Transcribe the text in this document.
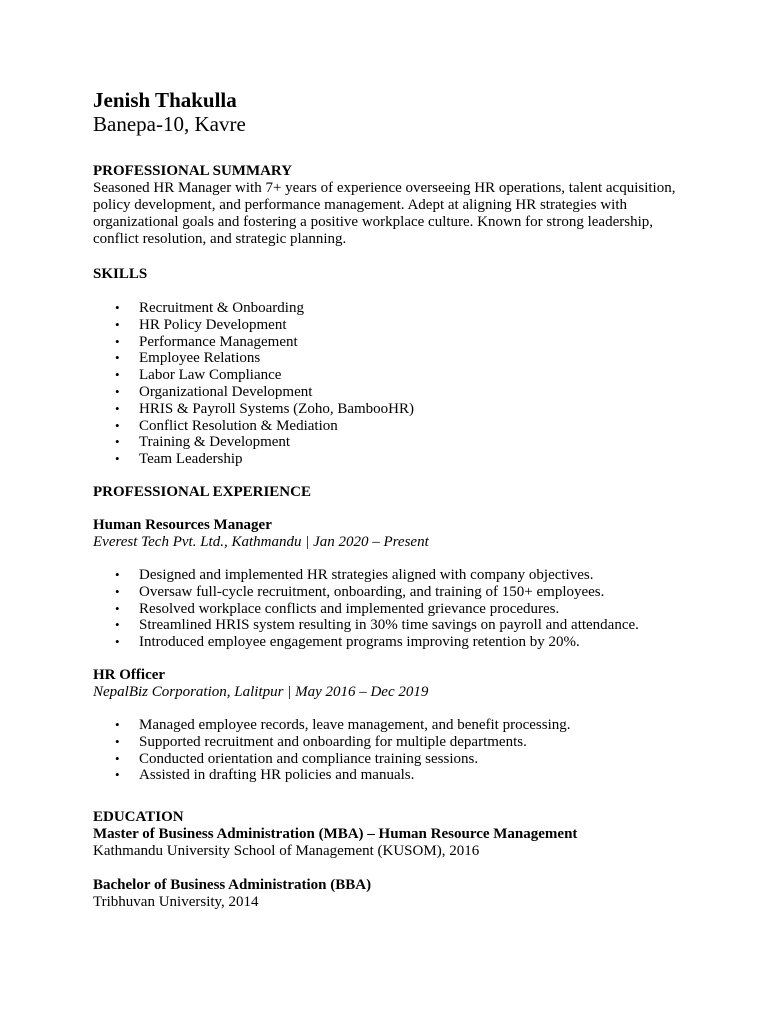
Jenish Thakulla
Banepa-10, Kavre
PROFESSIONAL SUMMARY
Seasoned HR Manager with 7+ years of experience overseeing HR operations, talent acquisition, policy development, and performance management. Adept at aligning HR strategies with organizational goals and fostering a positive workplace culture. Known for strong leadership, conflict resolution, and strategic planning.
SKILLS
• Recruitment & Onboarding
• HR Policy Development
• Performance Management
• Employee Relations
• Labor Law Compliance
• Organizational Development
• HRIS & Payroll Systems (Zoho, BambooHR)
• Conflict Resolution & Mediation
• Training & Development
• Team Leadership
PROFESSIONAL EXPERIENCE
Human Resources Manager
Everest Tech Pvt. Ltd., Kathmandu | Jan 2020 – Present
• Designed and implemented HR strategies aligned with company objectives.
• Oversaw full-cycle recruitment, onboarding, and training of 150+ employees.
• Resolved workplace conflicts and implemented grievance procedures.
• Streamlined HRIS system resulting in 30% time savings on payroll and attendance.
• Introduced employee engagement programs improving retention by 20%.
HR Officer
NepalBiz Corporation, Lalitpur | May 2016 – Dec 2019
• Managed employee records, leave management, and benefit processing.
• Supported recruitment and onboarding for multiple departments.
• Conducted orientation and compliance training sessions.
• Assisted in drafting HR policies and manuals.
EDUCATION
Master of Business Administration (MBA) – Human Resource Management
Kathmandu University School of Management (KUSOM), 2016
Bachelor of Business Administration (BBA)
Tribhuvan University, 2014
